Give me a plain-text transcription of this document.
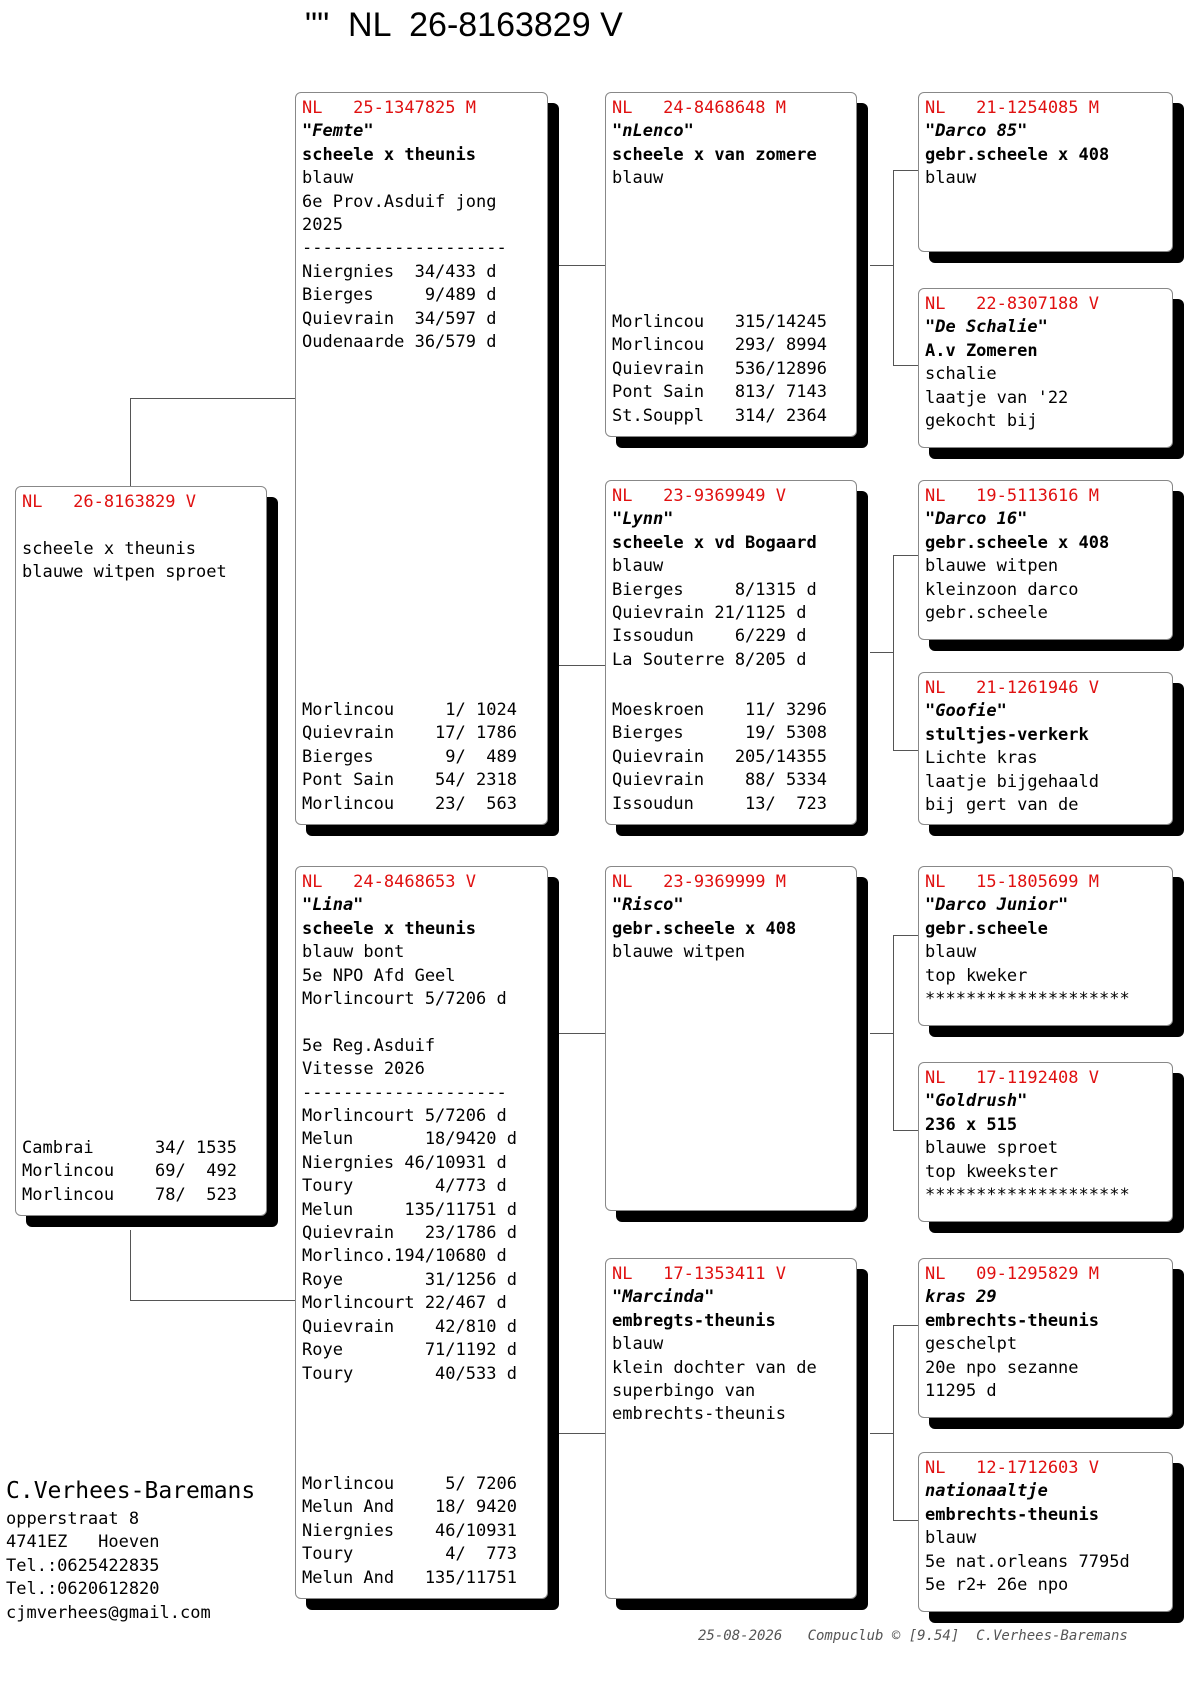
""  NL  26-8163829 V
NL   26-8163829 V
scheele x theunis
blauwe witpen sproet
Cambrai      34/ 1535
Morlincou    69/  492
Morlincou    78/  523
NL   25-1347825 M
"Femte"
scheele x theunis
blauw
6e Prov.Asduif jong
2025
--------------------
Niergnies  34/433 d
Bierges     9/489 d
Quievrain  34/597 d
Oudenaarde 36/579 d
Morlincou     1/ 1024
Quievrain    17/ 1786
Bierges       9/  489
Pont Sain    54/ 2318
Morlincou    23/  563
NL   24-8468653 V
"Lina"
scheele x theunis
blauw bont
5e NPO Afd Geel
Morlincourt 5/7206 d
5e Reg.Asduif
Vitesse 2026
--------------------
Morlincourt 5/7206 d
Melun       18/9420 d
Niergnies 46/10931 d
Toury        4/773 d
Melun     135/11751 d
Quievrain   23/1786 d
Morlinco.194/10680 d
Roye        31/1256 d
Morlincourt 22/467 d
Quievrain    42/810 d
Roye        71/1192 d
Toury        40/533 d
Morlincou     5/ 7206
Melun And    18/ 9420
Niergnies    46/10931
Toury         4/  773
Melun And   135/11751
NL   24-8468648 M
"nLenco"
scheele x van zomere
blauw
Morlincou   315/14245
Morlincou   293/ 8994
Quievrain   536/12896
Pont Sain   813/ 7143
St.Souppl   314/ 2364
NL   23-9369949 V
"Lynn"
scheele x vd Bogaard
blauw
Bierges     8/1315 d
Quievrain 21/1125 d
Issoudun    6/229 d
La Souterre 8/205 d
Moeskroen    11/ 3296
Bierges      19/ 5308
Quievrain   205/14355
Quievrain    88/ 5334
Issoudun     13/  723
NL   23-9369999 M
"Risco"
gebr.scheele x 408
blauwe witpen
NL   17-1353411 V
"Marcinda"
embregts-theunis
blauw
klein dochter van de
superbingo van
embrechts-theunis
NL   21-1254085 M
"Darco 85"
gebr.scheele x 408
blauw
NL   22-8307188 V
"De Schalie"
A.v Zomeren
schalie
laatje van '22
gekocht bij
NL   19-5113616 M
"Darco 16"
gebr.scheele x 408
blauwe witpen
kleinzoon darco
gebr.scheele
NL   21-1261946 V
"Goofie"
stultjes-verkerk
Lichte kras
laatje bijgehaald
bij gert van de
NL   15-1805699 M
"Darco Junior"
gebr.scheele
blauw
top kweker
********************
NL   17-1192408 V
"Goldrush"
236 x 515
blauwe sproet
top kweekster
********************
NL   09-1295829 M
kras 29
embrechts-theunis
geschelpt
20e npo sezanne
11295 d
NL   12-1712603 V
nationaaltje
embrechts-theunis
blauw
5e nat.orleans 7795d
5e r2+ 26e npo
C.Verhees-Baremans
opperstraat 8
4741EZ   Hoeven
Tel.:0625422835
Tel.:0620612820
cjmverhees@gmail.com
25-08-2026   Compuclub © [9.54]  C.Verhees-Baremans
